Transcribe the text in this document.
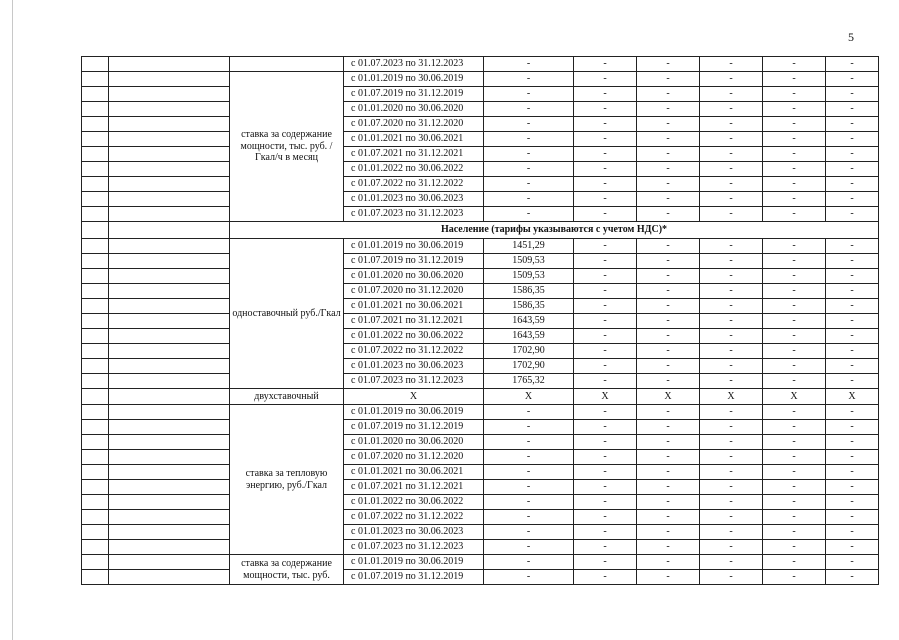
5
			с 01.07.2023 по 31.12.2023	-	-	-	-	-	-
		ставка за содержание мощности, тыс. руб. /Гкал/ч в месяц	с 01.01.2019 по 30.06.2019	-	-	-	-	-	-
			с 01.07.2019 по 31.12.2019	-	-	-	-	-	-
			с 01.01.2020 по 30.06.2020	-	-	-	-	-	-
			с 01.07.2020 по 31.12.2020	-	-	-	-	-	-
			с 01.01.2021 по 30.06.2021	-	-	-	-	-	-
			с 01.07.2021 по 31.12.2021	-	-	-	-	-	-
			с 01.01.2022 по 30.06.2022	-	-	-	-	-	-
			с 01.07.2022 по 31.12.2022	-	-	-	-	-	-
			с 01.01.2023 по 30.06.2023	-	-	-	-	-	-
			с 01.07.2023 по 31.12.2023	-	-	-	-	-	-
		Население (тарифы указываются с учетом НДС)*							
		одноставочный руб./Гкал	с 01.01.2019 по 30.06.2019	1451,29	-	-	-	-	-
			с 01.07.2019 по 31.12.2019	1509,53	-	-	-	-	-
			с 01.01.2020 по 30.06.2020	1509,53	-	-	-	-	-
			с 01.07.2020 по 31.12.2020	1586,35	-	-	-	-	-
			с 01.01.2021 по 30.06.2021	1586,35	-	-	-	-	-
			с 01.07.2021 по 31.12.2021	1643,59	-	-	-	-	-
			с 01.01.2022 по 30.06.2022	1643,59	-	-	-	-	-
			с 01.07.2022 по 31.12.2022	1702,90	-	-	-	-	-
			с 01.01.2023 по 30.06.2023	1702,90	-	-	-	-	-
			с 01.07.2023 по 31.12.2023	1765,32	-	-	-	-	-
		двухставочный	X	X	X	X	X	X	X
		ставка за тепловую энергию, руб./Гкал	с 01.01.2019 по 30.06.2019	-	-	-	-	-	-
			с 01.07.2019 по 31.12.2019	-	-	-	-	-	-
			с 01.01.2020 по 30.06.2020	-	-	-	-	-	-
			с 01.07.2020 по 31.12.2020	-	-	-	-	-	-
			с 01.01.2021 по 30.06.2021	-	-	-	-	-	-
			с 01.07.2021 по 31.12.2021	-	-	-	-	-	-
			с 01.01.2022 по 30.06.2022	-	-	-	-	-	-
			с 01.07.2022 по 31.12.2022	-	-	-	-	-	-
			с 01.01.2023 по 30.06.2023	-	-	-	-	-	-
			с 01.07.2023 по 31.12.2023	-	-	-	-	-	-
		ставка за содержание мощности, тыс. руб.	с 01.01.2019 по 30.06.2019	-	-	-	-	-	-
			с 01.07.2019 по 31.12.2019	-	-	-	-	-	-
